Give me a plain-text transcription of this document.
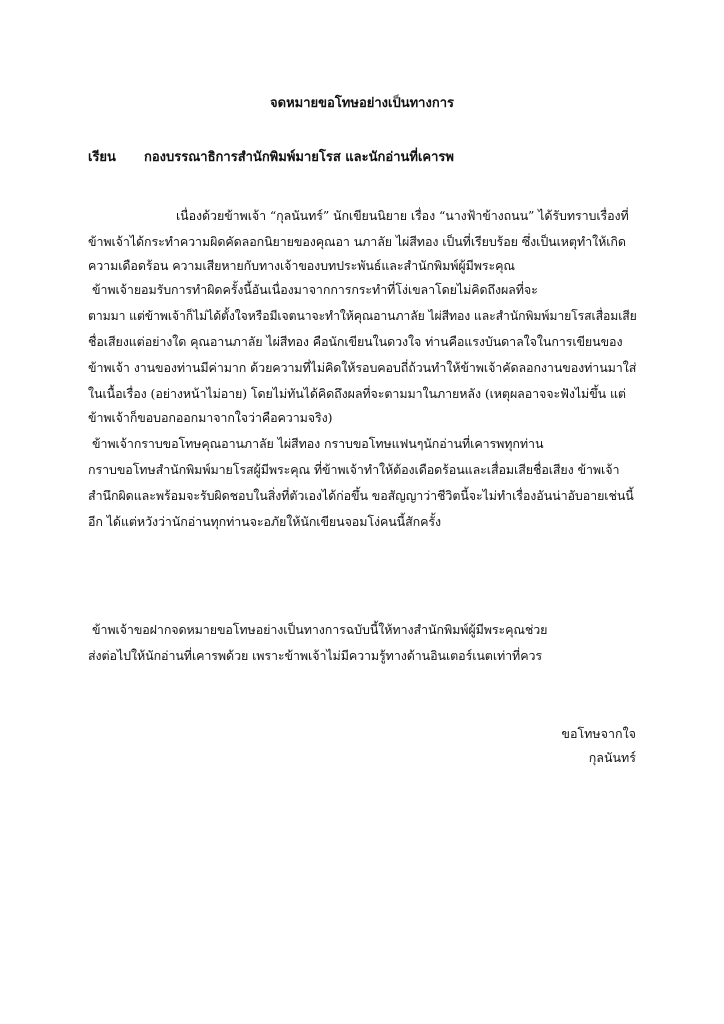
จดหมายขอโทษอย่างเป็นทางการ
เรียน กองบรรณาธิการสำนักพิมพ์มายโรส และนักอ่านที่เคารพ
เนื่องด้วยข้าพเจ้า “กุลนันทร์” นักเขียนนิยาย เรื่อง “นางฟ้าข้างถนน” ได้รับทราบเรื่องที่
ข้าพเจ้าได้กระทำความผิดคัดลอกนิยายของคุณอา นภาลัย ไผ่สีทอง เป็นที่เรียบร้อย ซึ่งเป็นเหตุทำให้เกิด
ความเดือดร้อน ความเสียหายกับทางเจ้าของบทประพันธ์และสำนักพิมพ์ผู้มีพระคุณ
ข้าพเจ้ายอมรับการทำผิดครั้งนี้อันเนื่องมาจากการกระทำที่โง่เขลาโดยไม่คิดถึงผลที่จะ
ตามมา แต่ข้าพเจ้าก็ไม่ได้ตั้งใจหรือมีเจตนาจะทำให้คุณอานภาลัย ไผ่สีทอง และสำนักพิมพ์มายโรสเสื่อมเสีย
ชื่อเสียงแต่อย่างใด คุณอานภาลัย ไผ่สีทอง คือนักเขียนในดวงใจ ท่านคือแรงบันดาลใจในการเขียนของ
ข้าพเจ้า งานของท่านมีค่ามาก ด้วยความที่ไม่คิดให้รอบคอบถี่ถ้วนทำให้ข้าพเจ้าคัดลอกงานของท่านมาใส่
ในเนื้อเรื่อง (อย่างหน้าไม่อาย) โดยไม่ทันได้คิดถึงผลที่จะตามมาในภายหลัง (เหตุผลอาจจะฟังไม่ขึ้น แต่
ข้าพเจ้าก็ขอบอกออกมาจากใจว่าคือความจริง)
ข้าพเจ้ากราบขอโทษคุณอานภาลัย ไผ่สีทอง กราบขอโทษแฟนๆนักอ่านที่เคารพทุกท่าน
กราบขอโทษสำนักพิมพ์มายโรสผู้มีพระคุณ ที่ข้าพเจ้าทำให้ต้องเดือดร้อนและเสื่อมเสียชื่อเสียง ข้าพเจ้า
สำนึกผิดและพร้อมจะรับผิดชอบในสิ่งที่ตัวเองได้ก่อขึ้น ขอสัญญาว่าชีวิตนี้จะไม่ทำเรื่องอันน่าอับอายเช่นนี้
อีก ได้แต่หวังว่านักอ่านทุกท่านจะอภัยให้นักเขียนจอมโง่คนนี้สักครั้ง
ข้าพเจ้าขอฝากจดหมายขอโทษอย่างเป็นทางการฉบับนี้ให้ทางสำนักพิมพ์ผู้มีพระคุณช่วย
ส่งต่อไปให้นักอ่านที่เคารพด้วย เพราะข้าพเจ้าไม่มีความรู้ทางด้านอินเตอร์เนตเท่าที่ควร
ขอโทษจากใจ
กุลนันทร์
